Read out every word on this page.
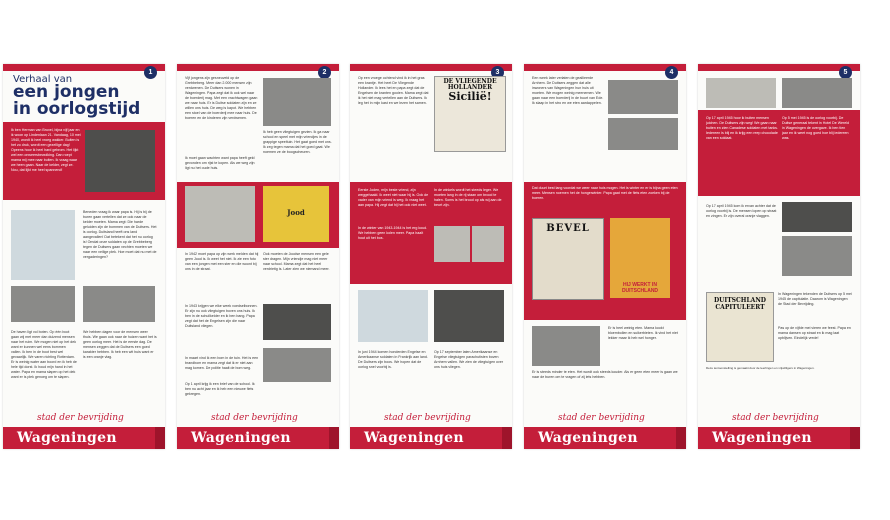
1
Verhaal van
een jongen
in oorlogstijd
Ik ben Herman van Bruxel, bijna vijf jaar en ik woon op Lindenlaan 21. Vandaag, 10 mei 1940, wordt ik heel vroeg wakker. Buiten is het zo druk, wordt een gezellige dag! Opeens hoor ik heel hard gebrom. Het lijkt wel een onweersbewolking. Dan roept mama mij mee naar buiten. Ik vraag waar we heen gaan. Naar de kelder, zegt ze. Nou, dat lijkt me heel spannend!
Beneden vraag ik waar papa is. Hij is bij de buren gaan vertellen dat ze ook naar de kelder moeten. Mama zegt: Die harde geluiden zijn de bommen van de Duitsers. Het is oorlog. Duitsland heeft ons land aangevallen! Dat betekent dat het nu oorlog is! Omdat onze soldaten op de Grebbeberg tegen de Duitsers gaan vechten moeten we naar een veilige plek. Hoe moet dat nu met de vergaderingen?
De haven ligt vol boten. Op één boot gaan wij met meer dan duizend mensen naar het ruim. We mogen niet op het dek want er kunnen wel eens bommen vallen. Ik ben in de boot best wel gevaarlijk. We varen richting Rotterdam. Er is weinig water aan boord en ik heb de hele tijd dorst. Ik houd mijn hand in het water. Papa en mama slapen op het dek want er is plek genoeg om te slapen.
We hebben dagen voor de mensen weer thuis. We gaan ook naar de huizen want het is geen oorlog meer. Het is de eerste dag. De mensen zeggen dat de Duitsers een goed karakter hebben. Ik heb een wit huis want er is een oranje vlag.
stad der bevrijding
Wageningen
2
Vijf jongens zijn gesneuveld op de Grebbeberg. Meer dan 2.000 mensen zijn verdwenen. De Duitsers wonen in Wageningen. Papa zegt dat ik ook wel naar de boerderij mag. Met een vrachtwagen gaan we naar huis. Er is Duitse soldaten zijn en ze willen ons huis. De weg is kapot. We hebben een stoel van de boerderij mee naar huis. De boeren en de kinderen zijn verdwenen.
Ik moet gaan wachten want papa heeft geld gevonden om rijst te kopen. Als we weg zijn ligt nu het oude huis.
Ik heb geen vliegtuigen gezien. Ik ga naar school en speel met mijn vriendjes in de grappige speeltuin. Het gaat goed met ons. Ik zeg tegen mama dat het goed gaat. We noemen ze de boogscheuren.
Jood
In 1942 moet papa op zijn werk melden dat hij geen Jood is. Ik weet het niet. Ik zie een foto van een jongen met een ster en die woont bij ons in de straat.
Ook moeten de Joodse mensen een gele ster dragen. Mijn vriendje mag niet meer naar school. Mama zegt dat het heel verdrietig is. Later zien we niemand meer.
In 1943 krijgen we elke week voedselbonnen. Er zijn nu ook vliegtuigen boven ons huis. Ik ben in de schuilkelder en ik ben bang. Papa zegt dat het de Engelsen zijn die naar Duitsland vliegen.
In maart vind ik een bom in de tuin. Het is een brandbom en mama zegt dat ik er niet aan mag komen. De politie haalt de bom weg.
Op 1 april krijg ik een brief van de school. Ik ben nu acht jaar en ik heb een nieuwe fiets gekregen.
stad der bevrijding
Wageningen
3
Op een vroege ochtend vind ik in het gras een krantje. Het heet De Vliegende Hollander. Ik lees het en papa zegt dat de Engelsen de kranten gooien. Mama zegt dat ik het niet mag vertellen aan de Duitsers. Ik leg het in mijn kast en we lezen het samen.
DE VLIEGENDE HOLLANDER
Sicilië!
Eerste Joden, mijn beste vriend, zijn weggehaald. Ik weet niet waar hij is. Ook de vader van mijn vriend is weg. Ik vraag het aan papa. Hij zegt dat hij het ook niet weet.
In de winter van 1943-1944 is het erg koud. We hebben geen kolen meer. Papa haalt hout uit het bos.
In de winkels wordt het steeds leger. We moeten lang in de rij staan om brood te halen. Soms is het brood op als wij aan de beurt zijn.
In juni 1944 komen honderden Engelse en Amerikaanse soldaten in Frankrijk aan land. De Duitsers zijn boos. We hopen dat de oorlog snel voorbij is.
Op 17 september laten Amerikaanse en Engelse vliegtuigen parachutisten boven Arnhem vallen. We zien de vliegtuigen over ons huis vliegen.
stad der bevrijding
Wageningen
4
Een week later verlaten de geallieerde Arnhem. De Duitsers zeggen dat alle inwoners van Wageningen hun huis uit moeten. We mogen weinig meenemen. We gaan naar een boerderij in de buurt van Ede. Ik slaap in het stro en we eten aardappelen.
Dat duurt best lang voordat we weer naar huis mogen. Het is winter en er is bijna geen eten meer. Mensen noemen het de hongerwinter. Papa gaat met de fiets eten zoeken bij de boeren.
BEVEL
HIJ WERKT IN DUITSCHLAND
Er is heel weinig eten. Mama kookt bloembollen en suikerbieten. Ik vind het niet lekker maar ik heb wel honger.
Er is steeds minder te eten. Het wordt ook steeds kouder. Als er geen eten meer is gaan we naar de buren om te vragen of zij iets hebben.
stad der bevrijding
Wageningen
5
Op 17 april 1945 hoor ik buiten mensen juichen. De Duitsers zijn weg! We gaan naar buiten en zien Canadese soldaten met tanks. Iedereen is blij en ik krijg een reep chocolade van een soldaat.
Op 5 mei 1945 is de oorlog voorbij. De Duitse generaal tekent in Hotel De Wereld in Wageningen de overgave. Ik ben tien jaar en ik weet nog goed hoe blij iedereen was.
Op 17 april 1945 kom ik ervan achter dat de oorlog voorbij is. De mensen lopen op straat en zingen. Er zijn overal oranje vlaggen.
DUITSCHLAND CAPITULEERT
In Wageningen tekenden de Duitsers op 5 mei 1945 de capitulatie. Daarom is Wageningen de Stad der Bevrijding.
Pas op de vijfde mei vieren we feest. Papa en mama dansen op straat en ik mag laat opblijven. Eindelijk vrede!
Deze tentoonstelling is gemaakt door de leerlingen en vrijwilligers in Wageningen.
stad der bevrijding
Wageningen
